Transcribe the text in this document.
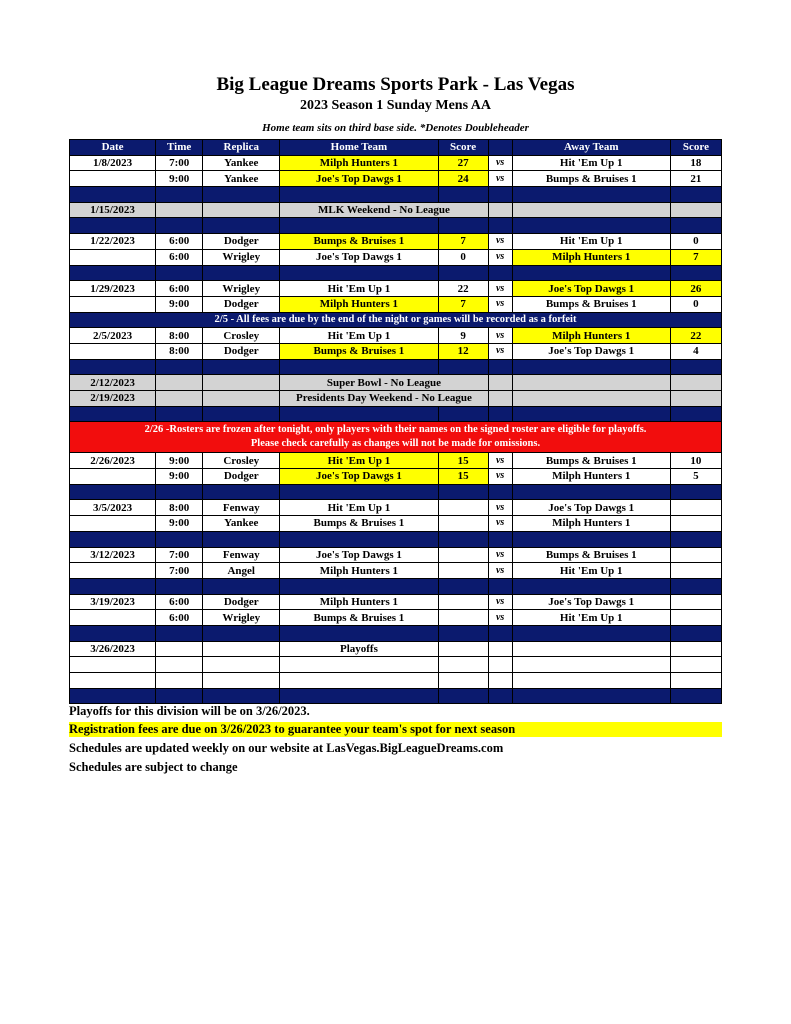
Big League Dreams Sports Park - Las Vegas
2023 Season 1 Sunday Mens AA
Home team sits on third base side. *Denotes Doubleheader
Date	Time	Replica	Home Team	Score		Away Team	Score
1/8/2023	7:00	Yankee	Milph Hunters 1	27	vs	Hit 'Em Up 1	18
	9:00	Yankee	Joe's Top Dawgs 1	24	vs	Bumps & Bruises 1	21

1/15/2023			MLK Weekend - No League				

1/22/2023	6:00	Dodger	Bumps & Bruises 1	7	vs	Hit 'Em Up 1	0
	6:00	Wrigley	Joe's Top Dawgs 1	0	vs	Milph Hunters 1	7

1/29/2023	6:00	Wrigley	Hit 'Em Up 1	22	vs	Joe's Top Dawgs 1	26
	9:00	Dodger	Milph Hunters 1	7	vs	Bumps & Bruises 1	0
2/5 - All fees are due by the end of the night or games will be recorded as a forfeit							
2/5/2023	8:00	Crosley	Hit 'Em Up 1	9	vs	Milph Hunters 1	22
	8:00	Dodger	Bumps & Bruises 1	12	vs	Joe's Top Dawgs 1	4

2/12/2023			Super Bowl - No League				
2/19/2023			Presidents Day Weekend - No League				

2/26 -Rosters are frozen after tonight, only players with their names on the signed roster are eligible for playoffs.
Please check carefully as changes will not be made for omissions.							

2/26/2023	9:00	Crosley	Hit 'Em Up 1	15	vs	Bumps & Bruises 1	10
	9:00	Dodger	Joe's Top Dawgs 1	15	vs	Milph Hunters 1	5

3/5/2023	8:00	Fenway	Hit 'Em Up 1		vs	Joe's Top Dawgs 1	
	9:00	Yankee	Bumps & Bruises 1		vs	Milph Hunters 1	

3/12/2023	7:00	Fenway	Joe's Top Dawgs 1		vs	Bumps & Bruises 1	
	7:00	Angel	Milph Hunters 1		vs	Hit 'Em Up 1	

3/19/2023	6:00	Dodger	Milph Hunters 1		vs	Joe's Top Dawgs 1	
	6:00	Wrigley	Bumps & Bruises 1		vs	Hit 'Em Up 1	

3/26/2023			Playoffs				

Playoffs for this division will be on 3/26/2023.
Registration fees are due on 3/26/2023 to guarantee your team's spot for next season
Schedules are updated weekly on our website at LasVegas.BigLeagueDreams.com
Schedules are subject to change
